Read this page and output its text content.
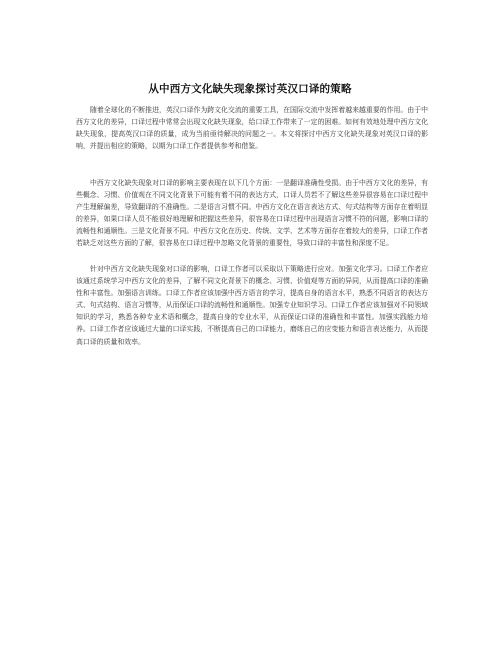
从中西方文化缺失现象探讨英汉口译的策略

随着全球化的不断推进，英汉口译作为跨文化交流的重要工具，在国际交流中发挥着越来越重要的作用。由于中西方文化的差异，口译过程中常常会出现文化缺失现象，给口译工作带来了一定的困难。如何有效地处理中西方文化缺失现象，提高英汉口译的质量，成为当前亟待解决的问题之一。本文将探讨中西方文化缺失现象对英汉口译的影响，并提出相应的策略，以期为口译工作者提供参考和借鉴。

中西方文化缺失现象对口译的影响主要表现在以下几个方面：一是翻译准确性受损。由于中西方文化的差异，有些概念、习惯、价值观在不同文化背景下可能有着不同的表达方式，口译人员若不了解这些差异很容易在口译过程中产生理解偏差，导致翻译的不准确性。二是语言习惯不同。中西方文化在语言表达方式、句式结构等方面存在着明显的差异，如果口译人员不能很好地理解和把握这些差异，很容易在口译过程中出现语言习惯不符的问题，影响口译的流畅性和通顺性。三是文化背景不同。中西方文化在历史、传统、文学、艺术等方面存在着较大的差异，口译工作者若缺乏对这些方面的了解，很容易在口译过程中忽略文化背景的重要性，导致口译的丰富性和深度不足。

针对中西方文化缺失现象对口译的影响，口译工作者可以采取以下策略进行应对。加强文化学习。口译工作者应该通过系统学习中西方文化的差异，了解不同文化背景下的概念、习惯、价值观等方面的异同，从而提高口译的准确性和丰富性。加强语言训练。口译工作者应该加强中西方语言的学习，提高自身的语言水平，熟悉不同语言的表达方式、句式结构、语言习惯等，从而保证口译的流畅性和通顺性。加强专业知识学习。口译工作者应该加强对不同领域知识的学习，熟悉各种专业术语和概念，提高自身的专业水平，从而保证口译的准确性和丰富性。加强实践能力培养。口译工作者应该通过大量的口译实践，不断提高自己的口译能力，磨练自己的应变能力和语言表达能力，从而提高口译的质量和效率。
